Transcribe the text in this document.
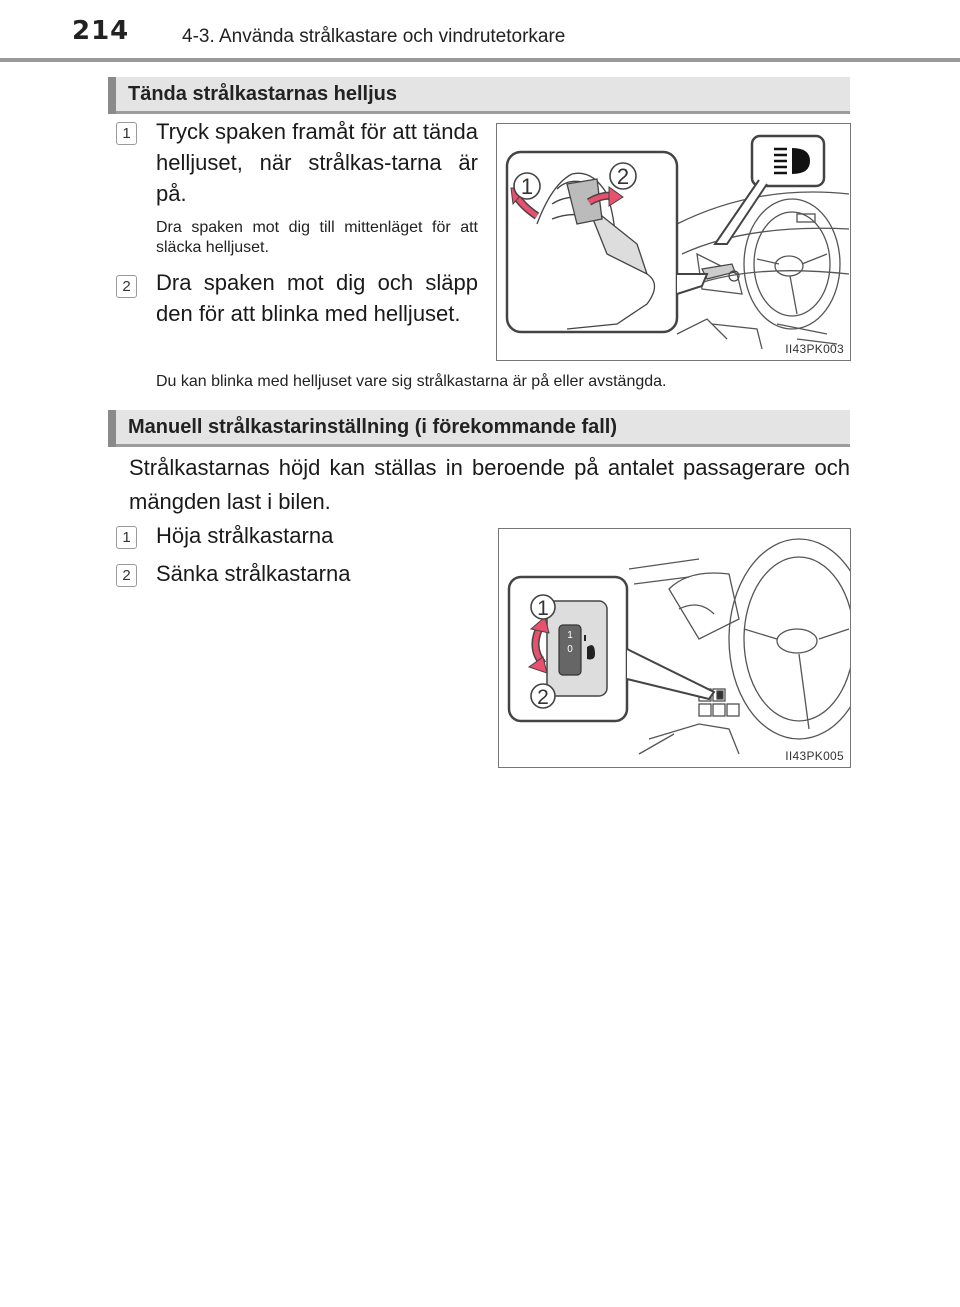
214	4-3. Använda strålkastare och vindrutetorkare
Tända strålkastarnas helljus
1 Tryck spaken framåt för att tända helljuset, när strålkas-tarna är på.
Dra spaken mot dig till mittenläget för att släcka helljuset.
2 Dra spaken mot dig och släpp den för att blinka med helljuset.
1	2
II43PK003
Du kan blinka med helljuset vare sig strålkastarna är på eller avstängda.
Manuell strålkastarinställning (i förekommande fall)
Strålkastarnas höjd kan ställas in beroende på antalet passagerare och mängden last i bilen.
1 Höja strålkastarna
2 Sänka strålkastarna
1
0
1
2
II43PK005
